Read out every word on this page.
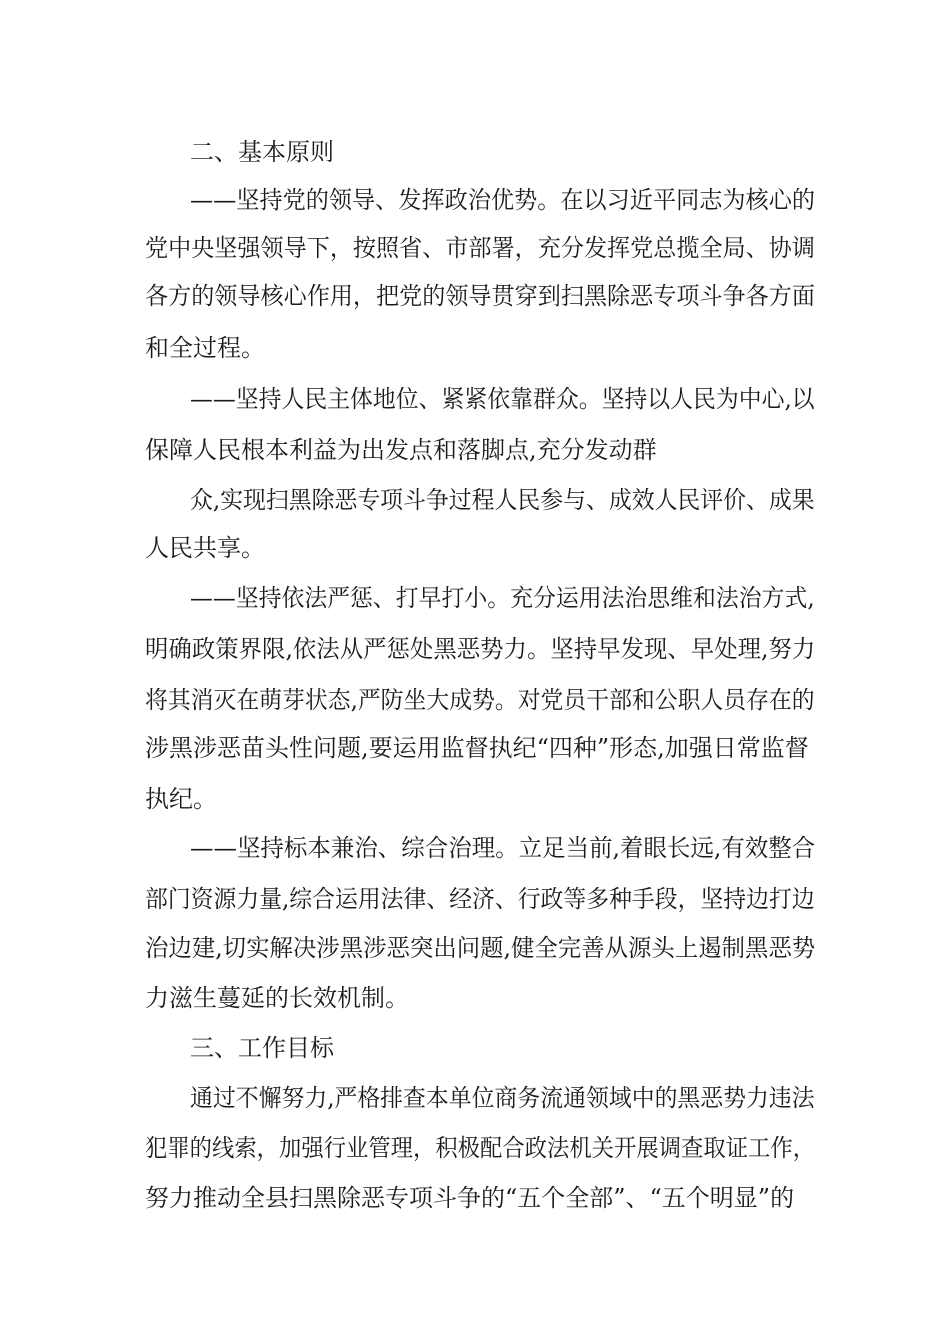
二、基本原则
——坚持党的领导、发挥政治优势。在以习近平同志为核心的
党中央坚强领导下，按照省、市部署，充分发挥党总揽全局、协调
各方的领导核心作用，把党的领导贯穿到扫黑除恶专项斗争各方面
和全过程。
——坚持人民主体地位、紧紧依靠群众。坚持以人民为中心,以
保障人民根本利益为出发点和落脚点,充分发动群
众,实现扫黑除恶专项斗争过程人民参与、成效人民评价、成果
人民共享。
——坚持依法严惩、打早打小。充分运用法治思维和法治方式,
明确政策界限,依法从严惩处黑恶势力。坚持早发现、早处理,努力
将其消灭在萌芽状态,严防坐大成势。对党员干部和公职人员存在的
涉黑涉恶苗头性问题,要运用监督执纪“四种”形态,加强日常监督
执纪。
——坚持标本兼治、综合治理。立足当前,着眼长远,有效整合
部门资源力量,综合运用法律、经济、行政等多种手段，坚持边打边
治边建,切实解决涉黑涉恶突出问题,健全完善从源头上遏制黑恶势
力滋生蔓延的长效机制。
三、工作目标
通过不懈努力,严格排查本单位商务流通领域中的黑恶势力违法
犯罪的线索，加强行业管理，积极配合政法机关开展调查取证工作，
努力推动全县扫黑除恶专项斗争的“五个全部”、“五个明显”的
